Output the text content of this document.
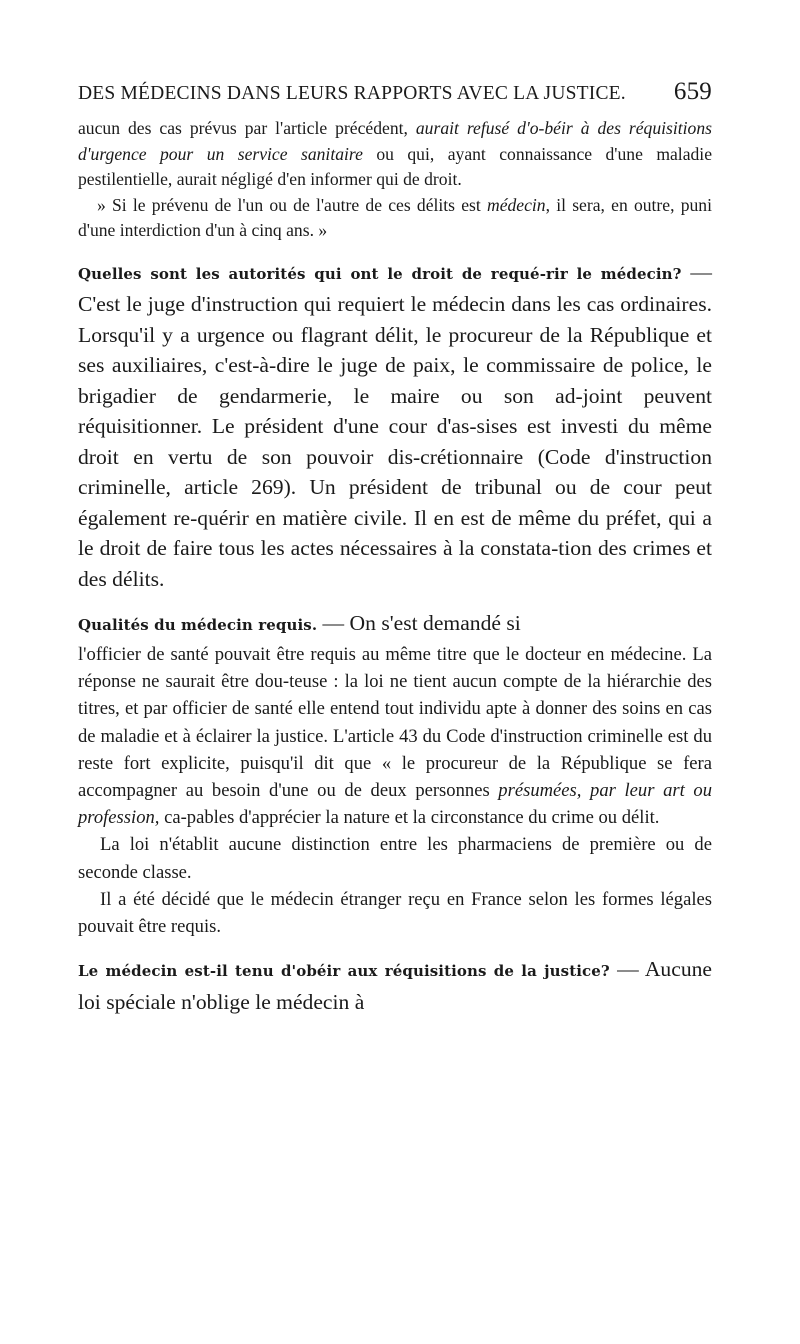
DES MÉDECINS DANS LEURS RAPPORTS AVEC LA JUSTICE. 659

aucun des cas prévus par l'article précédent, aurait refusé d'o-béir à des réquisitions d'urgence pour un service sanitaire ou qui, ayant connaissance d'une maladie pestilentielle, aurait négligé d'en informer qui de droit.

» Si le prévenu de l'un ou de l'autre de ces délits est médecin, il sera, en outre, puni d'une interdiction d'un à cinq ans. »

Quelles sont les autorités qui ont le droit de requé-rir le médecin? — C'est le juge d'instruction qui requiert le médecin dans les cas ordinaires. Lorsqu'il y a urgence ou flagrant délit, le procureur de la République et ses auxiliaires, c'est-à-dire le juge de paix, le commissaire de police, le brigadier de gendarmerie, le maire ou son ad-joint peuvent réquisitionner. Le président d'une cour d'as-sises est investi du même droit en vertu de son pouvoir dis-crétionnaire (Code d'instruction criminelle, article 269). Un président de tribunal ou de cour peut également re-quérir en matière civile. Il en est de même du préfet, qui a le droit de faire tous les actes nécessaires à la constata-tion des crimes et des délits.

Qualités du médecin requis. — On s'est demandé si

l'officier de santé pouvait être requis au même titre que le docteur en médecine. La réponse ne saurait être dou-teuse : la loi ne tient aucun compte de la hiérarchie des titres, et par officier de santé elle entend tout individu apte à donner des soins en cas de maladie et à éclairer la justice. L'article 43 du Code d'instruction criminelle est du reste fort explicite, puisqu'il dit que « le procureur de la République se fera accompagner au besoin d'une ou de deux personnes présumées, par leur art ou profession, ca-pables d'apprécier la nature et la circonstance du crime ou délit.

La loi n'établit aucune distinction entre les pharmaciens de première ou de seconde classe.

Il a été décidé que le médecin étranger reçu en France selon les formes légales pouvait être requis.

Le médecin est-il tenu d'obéir aux réquisitions de la justice? — Aucune loi spéciale n'oblige le médecin à
